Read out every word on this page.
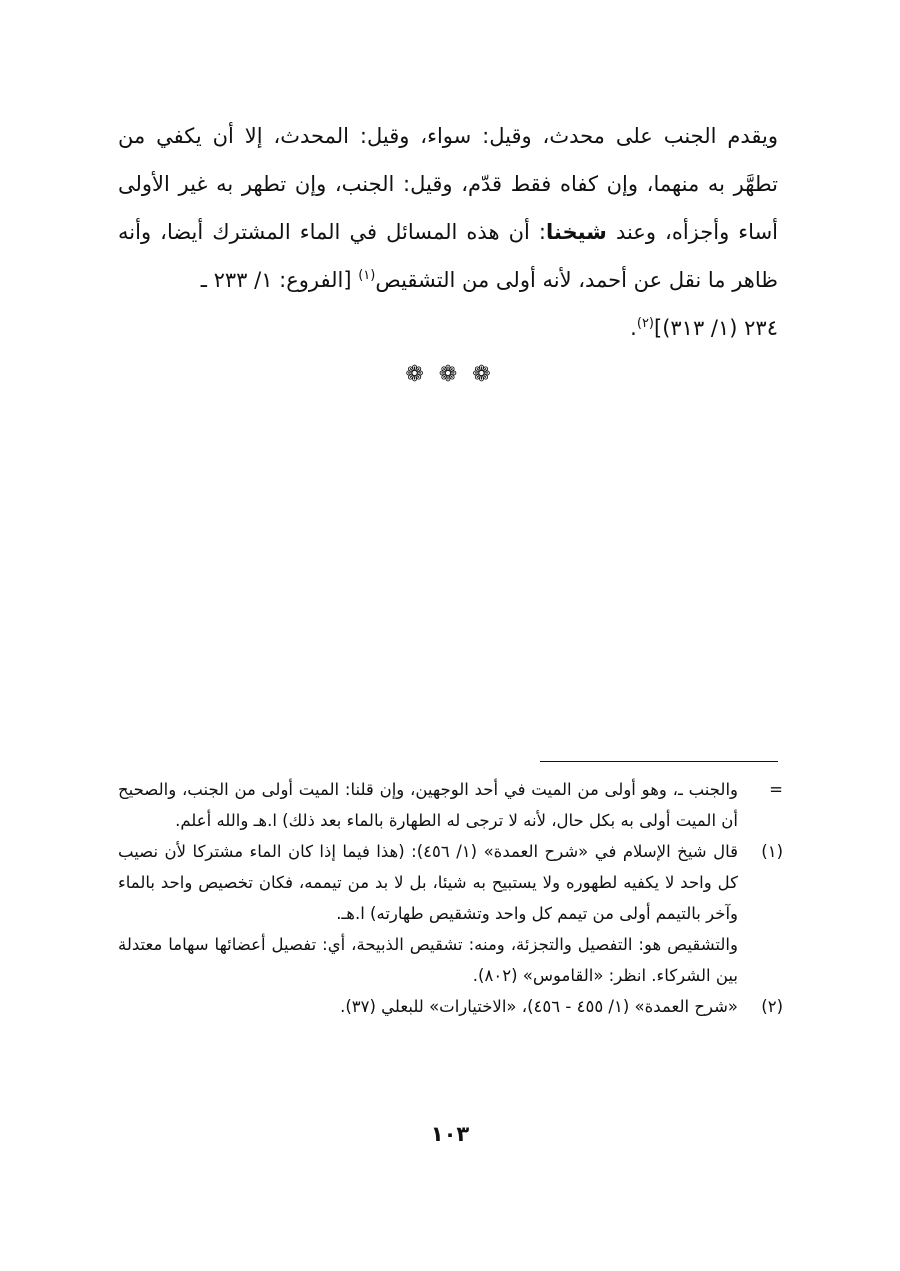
ويقدم الجنب على محدث، وقيل: سواء، وقيل: المحدث، إلا أن يكفي من تطهَّر به منهما، وإن كفاه فقط قدّم، وقيل: الجنب، وإن تطهر به غير الأولى أساء وأجزأه، وعند شيخنا: أن هذه المسائل في الماء المشترك أيضا، وأنه ظاهر ما نقل عن أحمد، لأنه أولى من التشقيص$^{(١)}$ [الفروع: ١/ ٢٣٣ ـ

٢٣٤ (١/ ٣١٣)]$^{(٢)}$.

❁ ❁ ❁
=
والجنب ـ، وهو أولى من الميت في أحد الوجهين، وإن قلنا: الميت أولى من الجنب، والصحيح أن الميت أولى به بكل حال، لأنه لا ترجى له الطهارة بالماء بعد ذلك) ا.هـ والله أعلم.
(١)
قال شيخ الإسلام في «شرح العمدة» (١/ ٤٥٦): (هذا فيما إذا كان الماء مشتركا لأن نصيب كل واحد لا يكفيه لطهوره ولا يستبيح به شيئا، بل لا بد من تيممه، فكان تخصيص واحد بالماء وآخر بالتيمم أولى من تيمم كل واحد وتشقيص طهارته) ا.هـ.
والتشقيص هو: التفصيل والتجزئة، ومنه: تشقيص الذبيحة، أي: تفصيل أعضائها سهاما معتدلة بين الشركاء. انظر: «القاموس» (٨٠٢).
(٢)
«شرح العمدة» (١/ ٤٥٥ - ٤٥٦)، «الاختيارات» للبعلي (٣٧).
١٠٣
